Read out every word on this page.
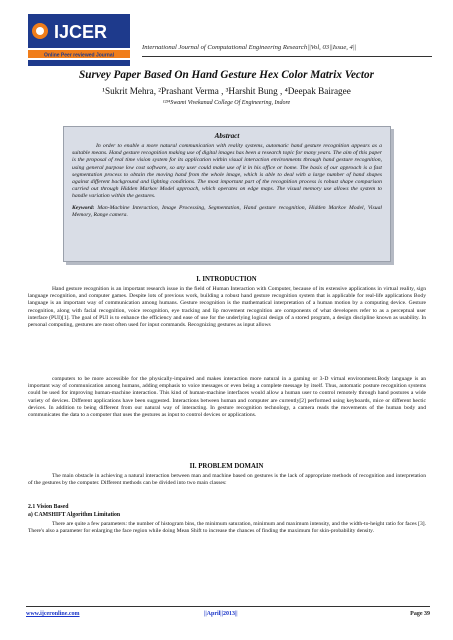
IJCER
Online Peer reviewed Journal
International Journal of Computational Engineering Research||Vol, 03||Issue, 4||
Survey Paper Based On Hand Gesture Hex Color Matrix Vector
¹Sukrit Mehra, ²Prashant Verma , ³Harshit Bung , ⁴Deepak Bairagee
¹²³⁴Swami Vivekanad College Of Engineering, Indore
Abstract

In order to enable a more natural communication with reality systems, automatic hand gesture recognition appears as a suitable means. Hand gesture recognition making use of digital images has been a research topic for many years. The aim of this paper is the proposal of real time vision system for its application within visual interaction environments through hand gesture recognition, using general purpose low cost software, so any user could make use of it in his office or home. The basis of our approach is a fast segmentation process to obtain the moving hand from the whole image, which is able to deal with a large number of hand shapes against different background and lighting conditions. The most important part of the recognition process is robust shape comparison carried out through Hidden Markov Model approach, which operates on edge maps. The visual memory use allows the system to handle variation within the gestures.

Keyword: Man-Machine Interaction, Image Processing, Segmentation, Hand gesture recognition, Hidden Markov Model, Visual Memory, Range camera.

I. INTRODUCTION

Hand gesture recognition is an important research issue in the field of Human Interaction with Computer, because of its extensive applications in virtual reality, sign language recognition, and computer games. Despite lots of previous work, building a robust hand gesture recognition system that is applicable for real-life applications Body language is an important way of communication among humans. Gesture recognition is the mathematical interpretation of a human motion by a computing device. Gesture recognition, along with facial recognition, voice recognition, eye tracking and lip movement recognition are components of what developers refer to as a perceptual user interface (PUI)[1]. The goal of PUI is to enhance the efficiency and ease of use for the underlying logical design of a stored program, a design discipline known as usability. In personal computing, gestures are most often used for input commands. Recognizing gestures as input allows

computers to be more accessible for the physically-impaired and makes interaction more natural in a gaming or 3-D virtual environment.Body language is an important way of communication among humans, adding emphasis to voice messages or even being a complete message by itself. Thus, automatic posture recognition systems could be used for improving human-machine interaction. This kind of human-machine interfaces would allow a human user to control remotely through hand postures a wide variety of devices. Different applications have been suggested. Interactions between human and computer are currently[2] performed using keyboards, mice or different hectic devices. In addition to being different from our natural way of interacting. In gesture recognition technology, a camera reads the movements of the human body and communicates the data to a computer that uses the gestures as input to control devices or applications.

II. PROBLEM DOMAIN

The main obstacle in achieving a natural interaction between man and machine based on gestures is the lack of appropriate methods of recognition and interpretation of the gestures by the computer. Different methods can be divided into two main classes:

2.1 Vision Based
a) CAMSHIFT Algorithm Limitation

There are quite a few parameters: the number of histogram bins, the minimum saturation, minimum and maximum intensity, and the width-to-height ratio for faces [3]. There's also a parameter for enlarging the face region while doing Mean Shift to increase the chances of finding the maximum for skin-probability density.

www.ijceronline.com	||April||2013||	Page 39
